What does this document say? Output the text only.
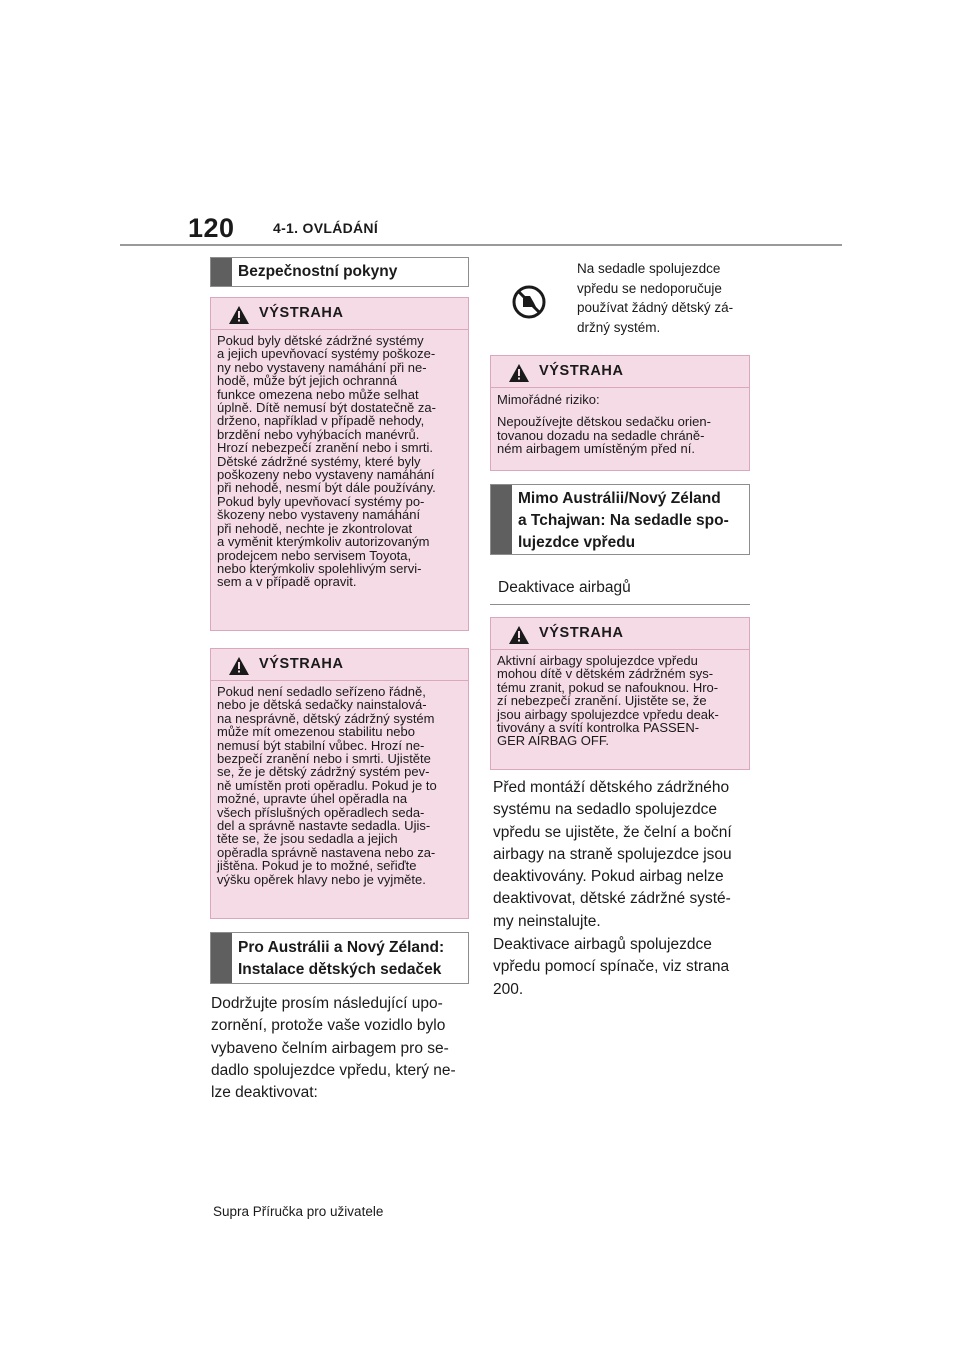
120	4-1. OVLÁDÁNÍ
Bezpečnostní pokyny
VÝSTRAHA
Pokud byly dětské zádržné systémy
a jejich upevňovací systémy poškoze-
ny nebo vystaveny namáhání při ne-
hodě, může být jejich ochranná
funkce omezena nebo může selhat
úplně. Dítě nemusí být dostatečně za-
drženo, například v případě nehody,
brzdění nebo vyhýbacích manévrů.
Hrozí nebezpečí zranění nebo i smrti.
Dětské zádržné systémy, které byly
poškozeny nebo vystaveny namáhání
při nehodě, nesmí být dále používány.
Pokud byly upevňovací systémy po-
škozeny nebo vystaveny namáhání
při nehodě, nechte je zkontrolovat
a vyměnit kterýmkoliv autorizovaným
prodejcem nebo servisem Toyota,
nebo kterýmkoliv spolehlivým servi-
sem a v případě opravit.
VÝSTRAHA
Pokud není sedadlo seřízeno řádně,
nebo je dětská sedačky nainstalová-
na nesprávně, dětský zádržný systém
může mít omezenou stabilitu nebo
nemusí být stabilní vůbec. Hrozí ne-
bezpečí zranění nebo i smrti. Ujistěte
se, že je dětský zádržný systém pev-
ně umístěn proti opěradlu. Pokud je to
možné, upravte úhel opěradla na
všech příslušných opěradlech seda-
del a správně nastavte sedadla. Ujis-
těte se, že jsou sedadla a jejich
opěradla správně nastavena nebo za-
jištěna. Pokud je to možné, seřiďte
výšku opěrek hlavy nebo je vyjměte.
Pro Austrálii a Nový Zéland:
Instalace dětských sedaček
Dodržujte prosím následující upo-
zornění, protože vaše vozidlo bylo
vybaveno čelním airbagem pro se-
dadlo spolujezdce vpředu, který ne-
lze deaktivovat:
Na sedadle spolujezdce
vpředu se nedoporučuje
používat žádný dětský zá-
držný systém.
VÝSTRAHA

Mimořádné riziko:

Nepoužívejte dětskou sedačku orien-
tovanou dozadu na sedadle chráně-
ném airbagem umístěným před ní.
Mimo Austrálii/Nový Zéland
a Tchajwan: Na sedadle spo-
lujezdce vpředu
Deaktivace airbagů
VÝSTRAHA
Aktivní airbagy spolujezdce vpředu
mohou dítě v dětském zádržném sys-
tému zranit, pokud se nafouknou. Hro-
zí nebezpečí zranění. Ujistěte se, že
jsou airbagy spolujezdce vpředu deak-
tivovány a svítí kontrolka PASSEN-
GER AIRBAG OFF.
Před montáží dětského zádržného
systému na sedadlo spolujezdce
vpředu se ujistěte, že čelní a boční
airbagy na straně spolujezdce jsou
deaktivovány. Pokud airbag nelze
deaktivovat, dětské zádržné systé-
my neinstalujte.
Deaktivace airbagů spolujezdce
vpředu pomocí spínače, viz strana
200.
Supra Příručka pro uživatele
